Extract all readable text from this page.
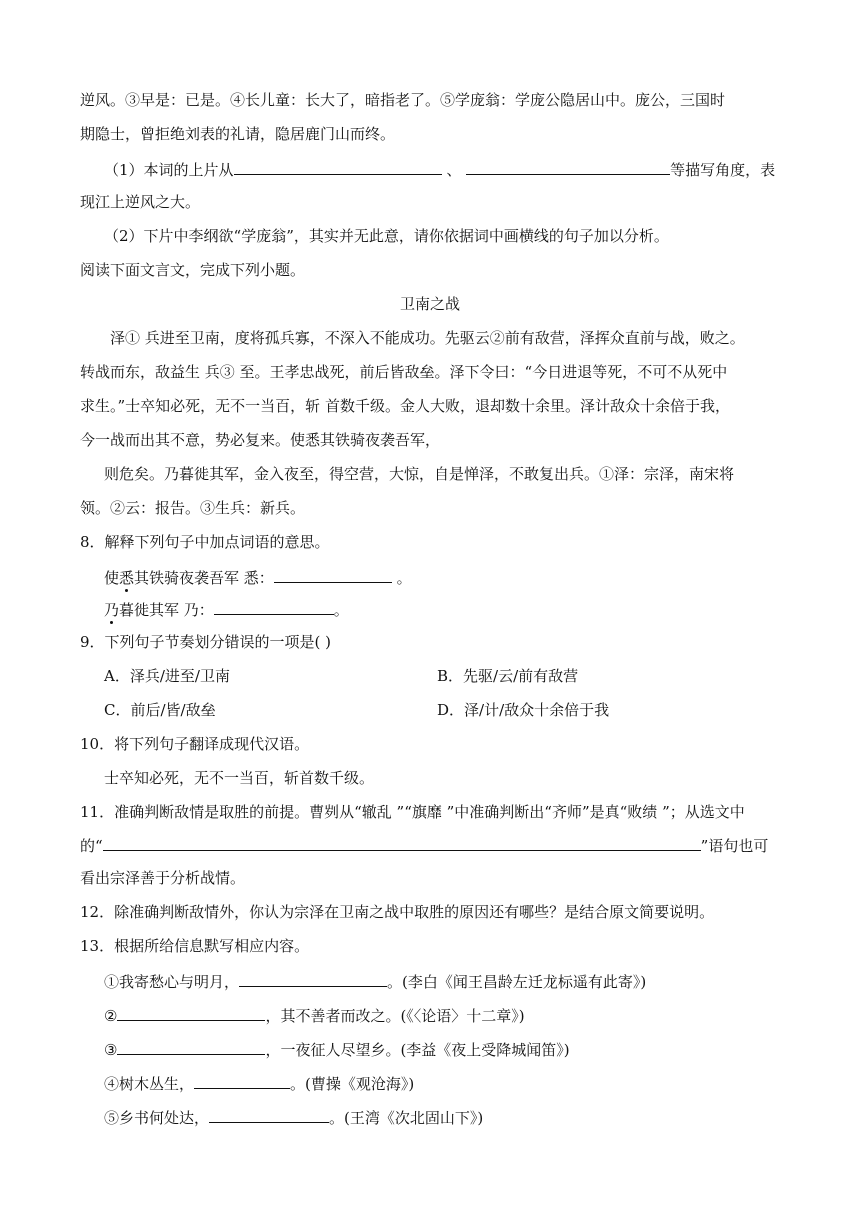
逆风。③早是：已是。④长儿童：长大了，暗指老了。⑤学庞翁：学庞公隐居山中。庞公，三国时
期隐士，曾拒绝刘表的礼请，隐居鹿门山而终。
（1）本词的上片从	、	等描写角度，表
现江上逆风之大。
（2）下片中李纲欲“学庞翁”，其实并无此意，请你依据词中画横线的句子加以分析。
阅读下面文言文，完成下列小题。
卫南之战
泽① 兵进至卫南，度将孤兵寡，不深入不能成功。先驱云②前有敌营，泽挥众直前与战，败之。
转战而东，敌益生 兵③ 至。王孝忠战死，前后皆敌垒。泽下令曰：“今日进退等死，不可不从死中
求生。”士卒知必死，无不一当百，斩 首数千级。金人大败，退却数十余里。泽计敌众十余倍于我，
今一战而出其不意，势必复来。使悉其铁骑夜袭吾军，
则危矣。乃暮徙其军，金入夜至，得空营，大惊，自是惮泽，不敢复出兵。①泽：宗泽，南宋将
领。②云：报告。③生兵：新兵。
8．解释下列句子中加点词语的意思。
使悉其铁骑夜袭吾军 悉：	。
乃暮徙其军 乃：	。
9．下列句子节奏划分错误的一项是( )
A．泽兵/进至/卫南	B．先驱/云/前有敌营
C．前后/皆/敌垒	D．泽/计/敌众十余倍于我
10．将下列句子翻译成现代汉语。
士卒知必死，无不一当百，斩首数千级。
11．准确判断敌情是取胜的前提。曹刿从“辙乱 ”“旗靡 ”中准确判断出“齐师”是真“败绩 ”；从选文中
的“	”语句也可
看出宗泽善于分析战情。
12．除准确判断敌情外，你认为宗泽在卫南之战中取胜的原因还有哪些？是结合原文简要说明。
13．根据所给信息默写相应内容。
①我寄愁心与明月，	。(李白《闻王昌龄左迁龙标遥有此寄》)
②	，其不善者而改之。(《〈论语〉十二章》)
③	，一夜征人尽望乡。(李益《夜上受降城闻笛》)
④树木丛生，	。(曹操《观沧海》)
⑤乡书何处达，	。(王湾《次北固山下》)
